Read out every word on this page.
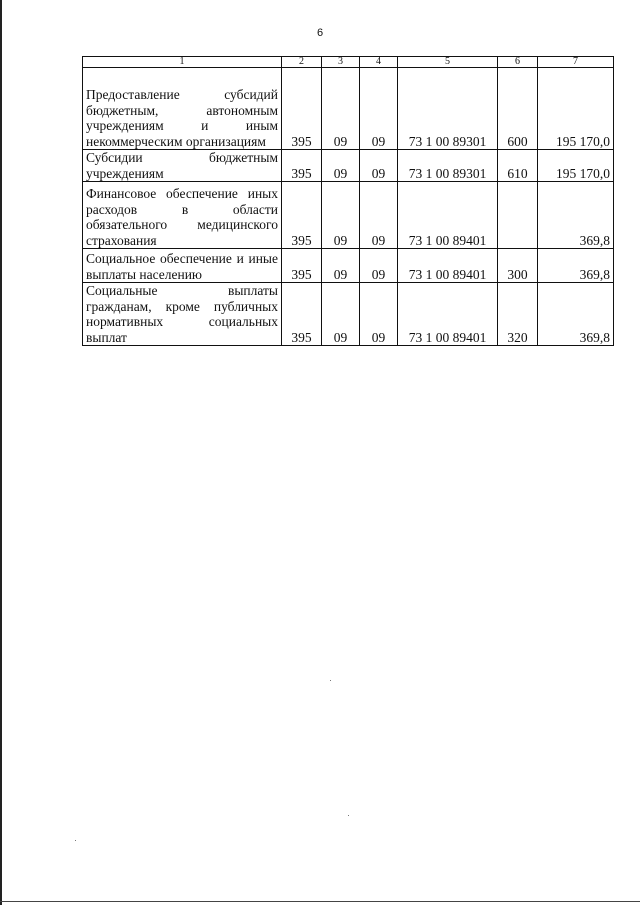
6
1	2	3	4	5	6	7
Предоставление субсидий бюджетным, автономным учреждениям и иным некоммерческим организациям	395	09	09	73 1 00 89301	600	195 170,0
Субсидии бюджетным учреждениям	395	09	09	73 1 00 89301	610	195 170,0
Финансовое обеспечение иных расходов в области обязательного медицинского страхования	395	09	09	73 1 00 89401		369,8
Социальное обеспечение и иные выплаты населению	395	09	09	73 1 00 89401	300	369,8
Социальные выплаты гражданам, кроме публичных нормативных социальных выплат	395	09	09	73 1 00 89401	320	369,8
